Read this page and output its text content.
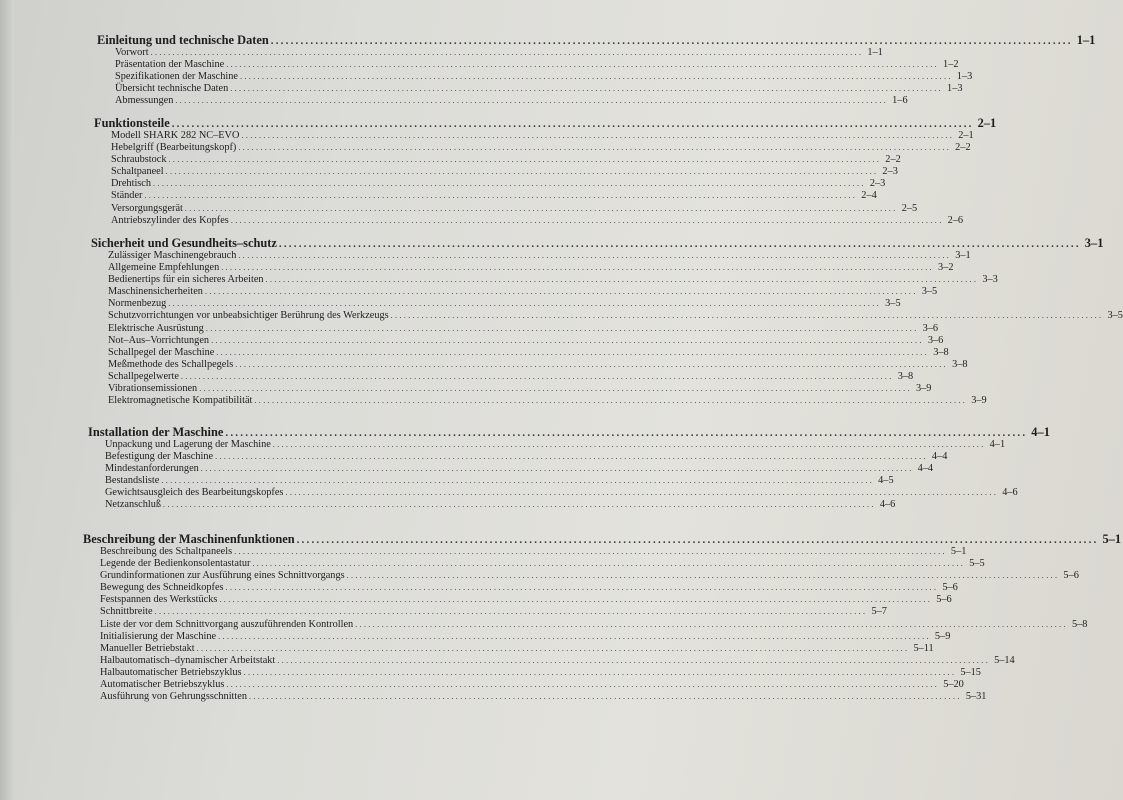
Einleitung und technische Daten .................................................................................................................................................................. 1–1
Vorwort .................................................................................................................................................................. 1–1
Präsentation der Maschine .................................................................................................................................................................. 1–2
Spezifikationen der Maschine .................................................................................................................................................................. 1–3
Übersicht technische Daten .................................................................................................................................................................. 1–3
Abmessungen .................................................................................................................................................................. 1–6
Funktionsteile .................................................................................................................................................................. 2–1
Modell SHARK 282 NC–EVO .................................................................................................................................................................. 2–1
Hebelgriff (Bearbeitungskopf) .................................................................................................................................................................. 2–2
Schraubstock .................................................................................................................................................................. 2–2
Schaltpaneel .................................................................................................................................................................. 2–3
Drehtisch .................................................................................................................................................................. 2–3
Ständer .................................................................................................................................................................. 2–4
Versorgungsgerät .................................................................................................................................................................. 2–5
Antriebszylinder des Kopfes .................................................................................................................................................................. 2–6
Sicherheit und Gesundheits–schutz .................................................................................................................................................................. 3–1
Zulässiger Maschinengebrauch .................................................................................................................................................................. 3–1
Allgemeine Empfehlungen .................................................................................................................................................................. 3–2
Bedienertips für ein sicheres Arbeiten .................................................................................................................................................................. 3–3
Maschinensicherheiten .................................................................................................................................................................. 3–5
Normenbezug .................................................................................................................................................................. 3–5
Schutzvorrichtungen vor unbeabsichtiger Berührung des Werkzeugs .................................................................................................................................................................. 3–5
Elektrische Ausrüstung .................................................................................................................................................................. 3–6
Not–Aus–Vorrichtungen .................................................................................................................................................................. 3–6
Schallpegel der Maschine .................................................................................................................................................................. 3–8
Meßmethode des Schallpegels .................................................................................................................................................................. 3–8
Schallpegelwerte .................................................................................................................................................................. 3–8
Vibrationsemissionen .................................................................................................................................................................. 3–9
Elektromagnetische Kompatibilität .................................................................................................................................................................. 3–9
Installation der Maschine .................................................................................................................................................................. 4–1
Unpackung und Lagerung der Maschine .................................................................................................................................................................. 4–1
Befestigung der Maschine .................................................................................................................................................................. 4–4
Mindestanforderungen .................................................................................................................................................................. 4–4
Bestandsliste .................................................................................................................................................................. 4–5
Gewichtsausgleich des Bearbeitungskopfes .................................................................................................................................................................. 4–6
Netzanschluß .................................................................................................................................................................. 4–6
Beschreibung der Maschinenfunktionen .................................................................................................................................................................. 5–1
Beschreibung des Schaltpaneels .................................................................................................................................................................. 5–1
Legende der Bedienkonsolentastatur .................................................................................................................................................................. 5–5
Grundinformationen zur Ausführung eines Schnittvorgangs .................................................................................................................................................................. 5–6
Bewegung des Schneidkopfes .................................................................................................................................................................. 5–6
Festspannen des Werkstücks .................................................................................................................................................................. 5–6
Schnittbreite .................................................................................................................................................................. 5–7
Liste der vor dem Schnittvorgang auszuführenden Kontrollen .................................................................................................................................................................. 5–8
Initialisierung der Maschine .................................................................................................................................................................. 5–9
Manueller Betriebstakt .................................................................................................................................................................. 5–11
Halbautomatisch–dynamischer Arbeitstakt .................................................................................................................................................................. 5–14
Halbautomatischer Betriebszyklus .................................................................................................................................................................. 5–15
Automatischer Betriebszyklus .................................................................................................................................................................. 5–20
Ausführung von Gehrungsschnitten .................................................................................................................................................................. 5–31
